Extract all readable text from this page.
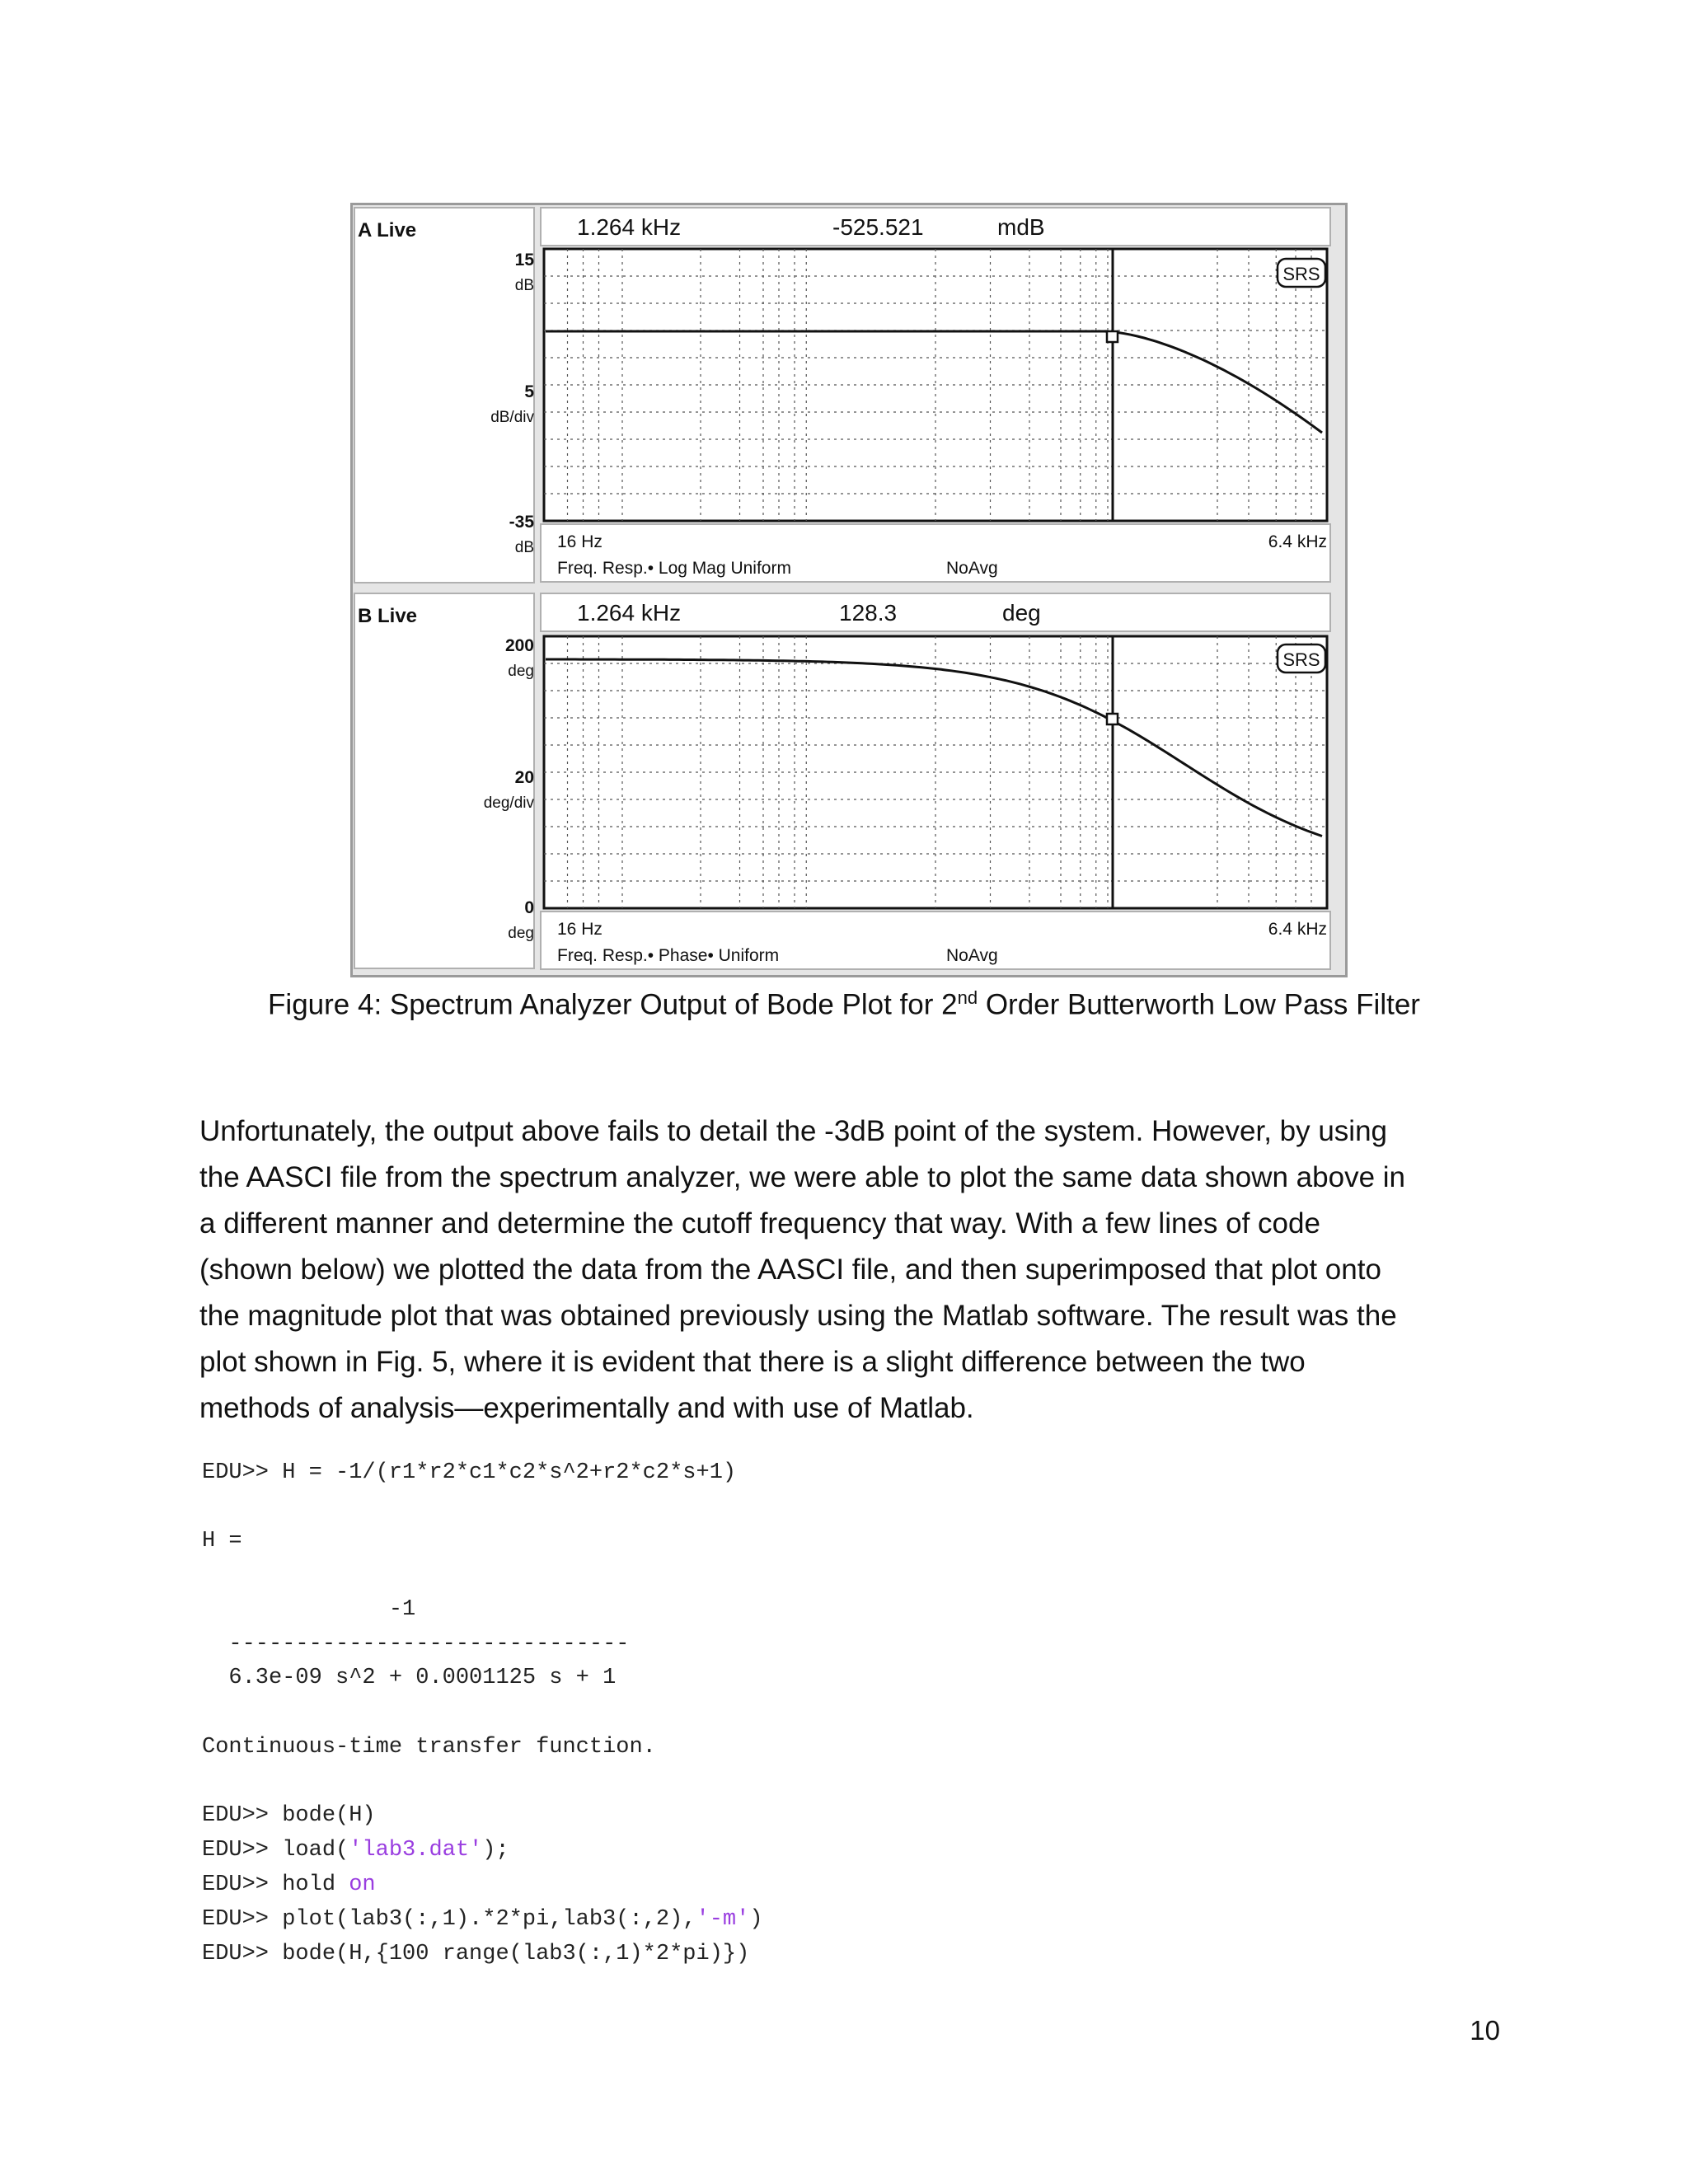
SRS
A Live	1.264 kHz	-525.521	mdB
15
dB
5
dB/div
-35
dB 16 Hz	6.4 kHz
Freq. Resp.• Log Mag Uniform	NoAvg
SRS
B Live	1.264 kHz	128.3	deg
200
deg
20
deg/div
0
deg 16 Hz	6.4 kHz
Freq. Resp.• Phase• Uniform	NoAvg
Figure 4: Spectrum Analyzer Output of Bode Plot for 2nd Order Butterworth Low Pass Filter
Unfortunately, the output above fails to detail the -3dB point of the system. However, by using
the AASCI file from the spectrum analyzer, we were able to plot the same data shown above in
a different manner and determine the cutoff frequency that way. With a few lines of code
(shown below) we plotted the data from the AASCI file, and then superimposed that plot onto
the magnitude plot that was obtained previously using the Matlab software. The result was the
plot shown in Fig. 5, where it is evident that there is a slight difference between the two
methods of analysis—experimentally and with use of Matlab.
EDU>> H = -1/(r1*r2*c1*c2*s^2+r2*c2*s+1)
H =
-1
------------------------------
6.3e-09 s^2 + 0.0001125 s + 1
Continuous-time transfer function.
EDU>> bode(H)
EDU>> load('lab3.dat');
EDU>> hold on
EDU>> plot(lab3(:,1).*2*pi,lab3(:,2),'-m')
EDU>> bode(H,{100 range(lab3(:,1)*2*pi)})
10
